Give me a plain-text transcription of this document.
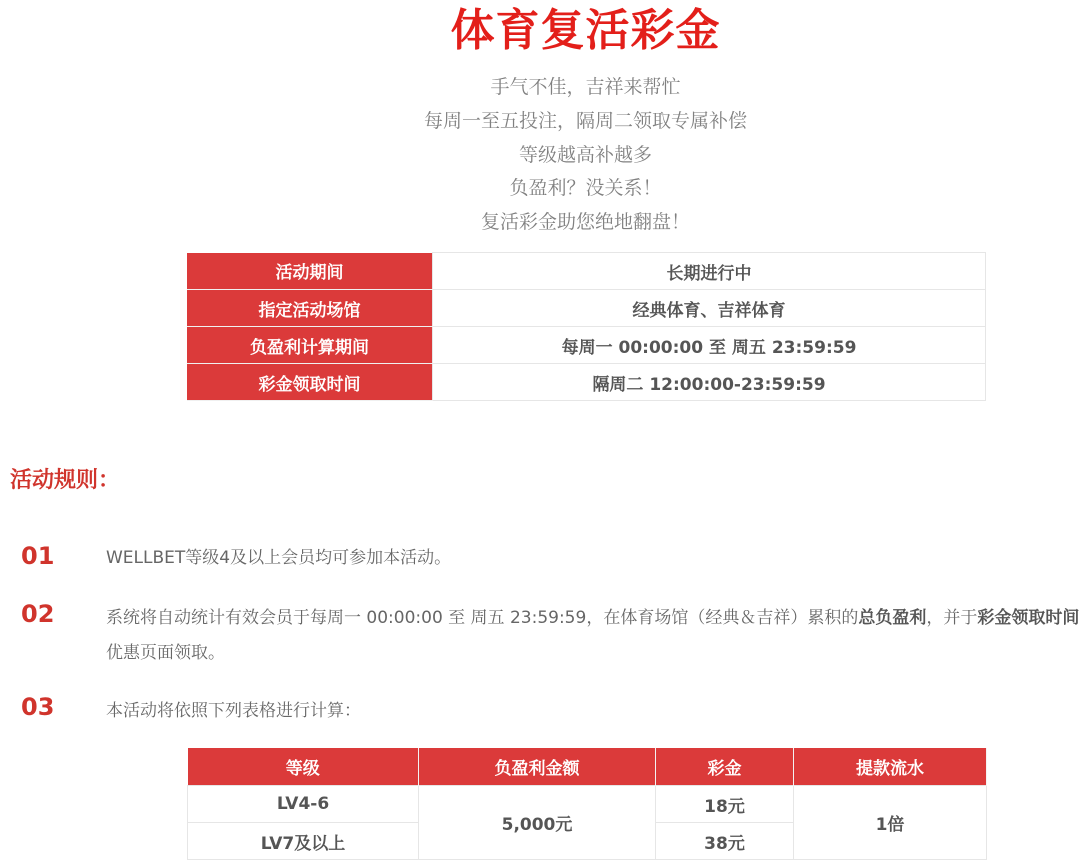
体育复活彩金
手气不佳，吉祥来帮忙
每周一至五投注，隔周二领取专属补偿
等级越高补越多
负盈利？没关系！
复活彩金助您绝地翻盘！
活动期间	长期进行中
指定活动场馆	经典体育、吉祥体育
负盈利计算期间	每周一 00:00:00 至 周五 23:59:59
彩金领取时间	隔周二 12:00:00-23:59:59
活动规则：
01	WELLBET等级4及以上会员均可参加本活动。
02	系统将自动统计有效会员于每周一 00:00:00 至 周五 23:59:59，在体育场馆（经典＆吉祥）累积的总负盈利，并于彩金领取时间
优惠页面领取。
03	本活动将依照下列表格进行计算：
等级	负盈利金额	彩金	提款流水
LV4-6	5,000元	18元	1倍
LV7及以上		38元	
